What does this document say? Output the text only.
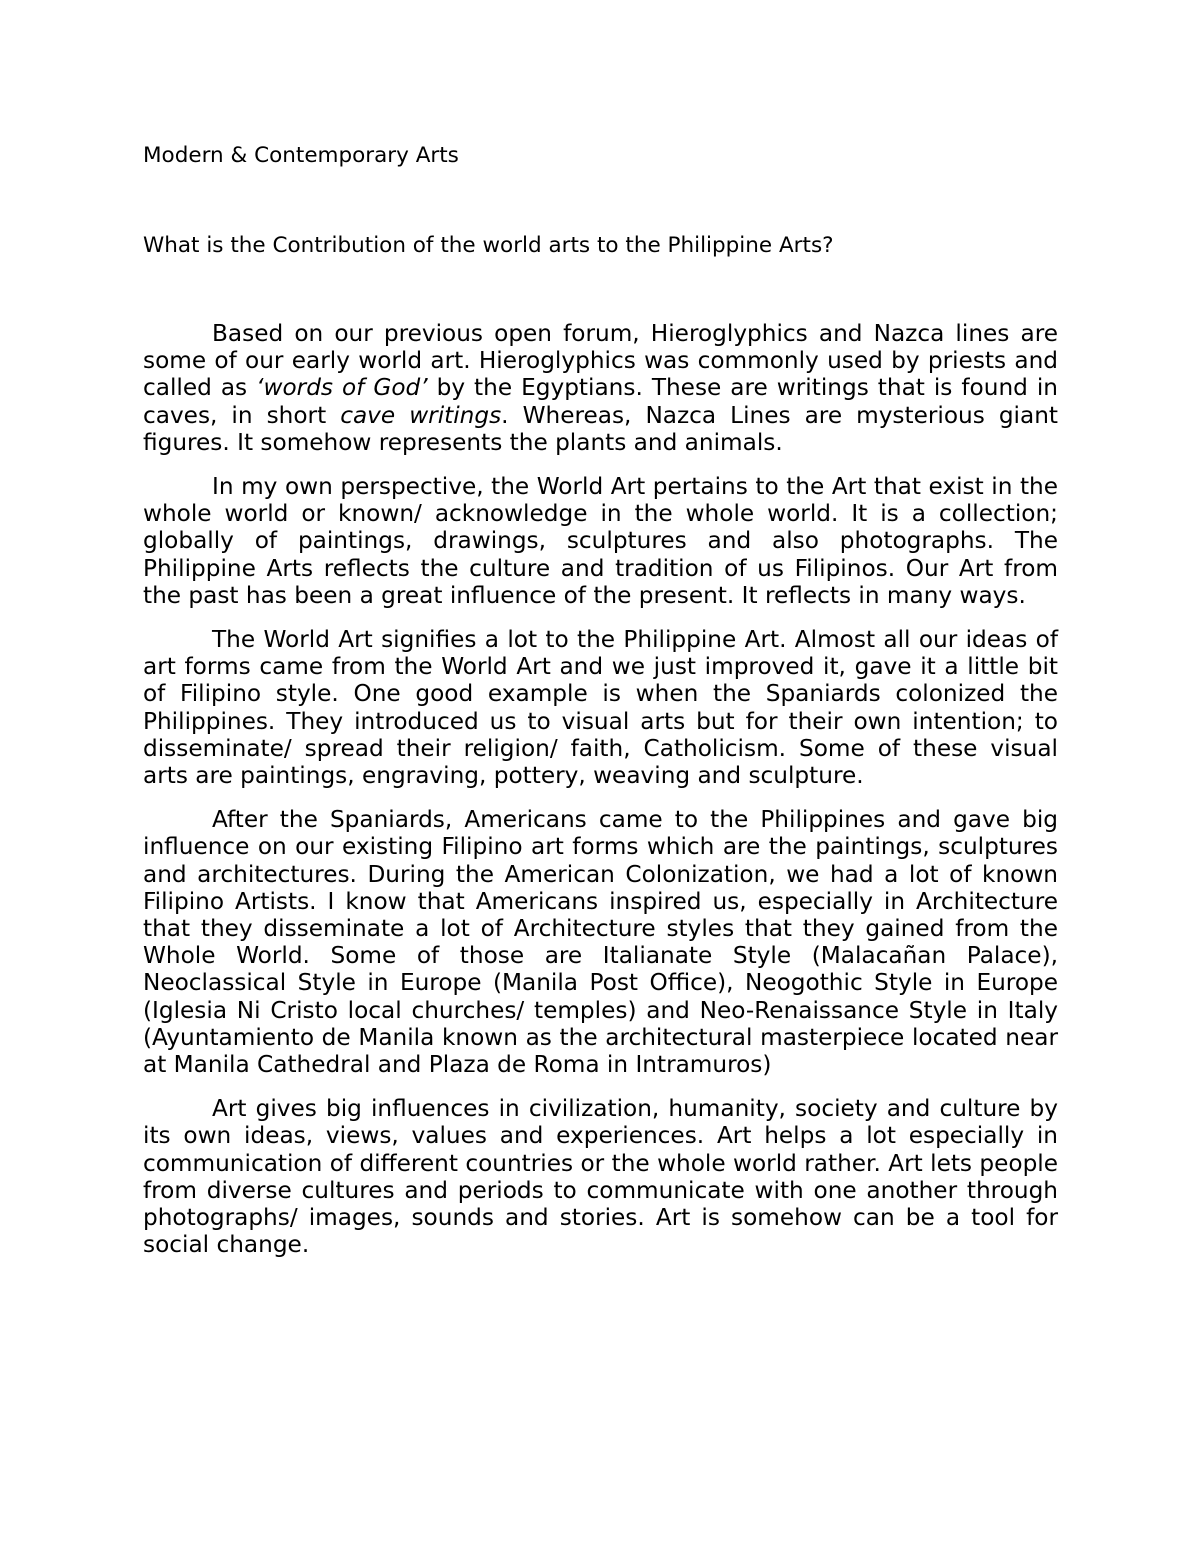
Modern & Contemporary Arts

What is the Contribution of the world arts to the Philippine Arts?

Based on our previous open forum, Hieroglyphics and Nazca lines are some of our early world art. Hieroglyphics was commonly used by priests and called as ‘words of God’ by the Egyptians. These are writings that is found in caves, in short cave writings. Whereas, Nazca Lines are mysterious giant figures. It somehow represents the plants and animals.

In my own perspective, the World Art pertains to the Art that exist in the whole world or known/ acknowledge in the whole world. It is a collection; globally of paintings, drawings, sculptures and also photographs. The Philippine Arts reflects the culture and tradition of us Filipinos. Our Art from the past has been a great influence of the present. It reflects in many ways.

The World Art signifies a lot to the Philippine Art. Almost all our ideas of art forms came from the World Art and we just improved it, gave it a little bit of Filipino style. One good example is when the Spaniards colonized the Philippines. They introduced us to visual arts but for their own intention; to disseminate/ spread their religion/ faith, Catholicism. Some of these visual arts are paintings, engraving, pottery, weaving and sculpture.

After the Spaniards, Americans came to the Philippines and gave big influence on our existing Filipino art forms which are the paintings, sculptures and architectures. During the American Colonization, we had a lot of known Filipino Artists. I know that Americans inspired us, especially in Architecture that they disseminate a lot of Architecture styles that they gained from the Whole World. Some of those are Italianate Style (Malacañan Palace), Neoclassical Style in Europe (Manila Post Office), Neogothic Style in Europe (Iglesia Ni Cristo local churches/ temples) and Neo-Renaissance Style in Italy (Ayuntamiento de Manila known as the architectural masterpiece located near at Manila Cathedral and Plaza de Roma in Intramuros)

Art gives big influences in civilization, humanity, society and culture by its own ideas, views, values and experiences. Art helps a lot especially in communication of different countries or the whole world rather. Art lets people from diverse cultures and periods to communicate with one another through photographs/ images, sounds and stories. Art is somehow can be a tool for social change.
